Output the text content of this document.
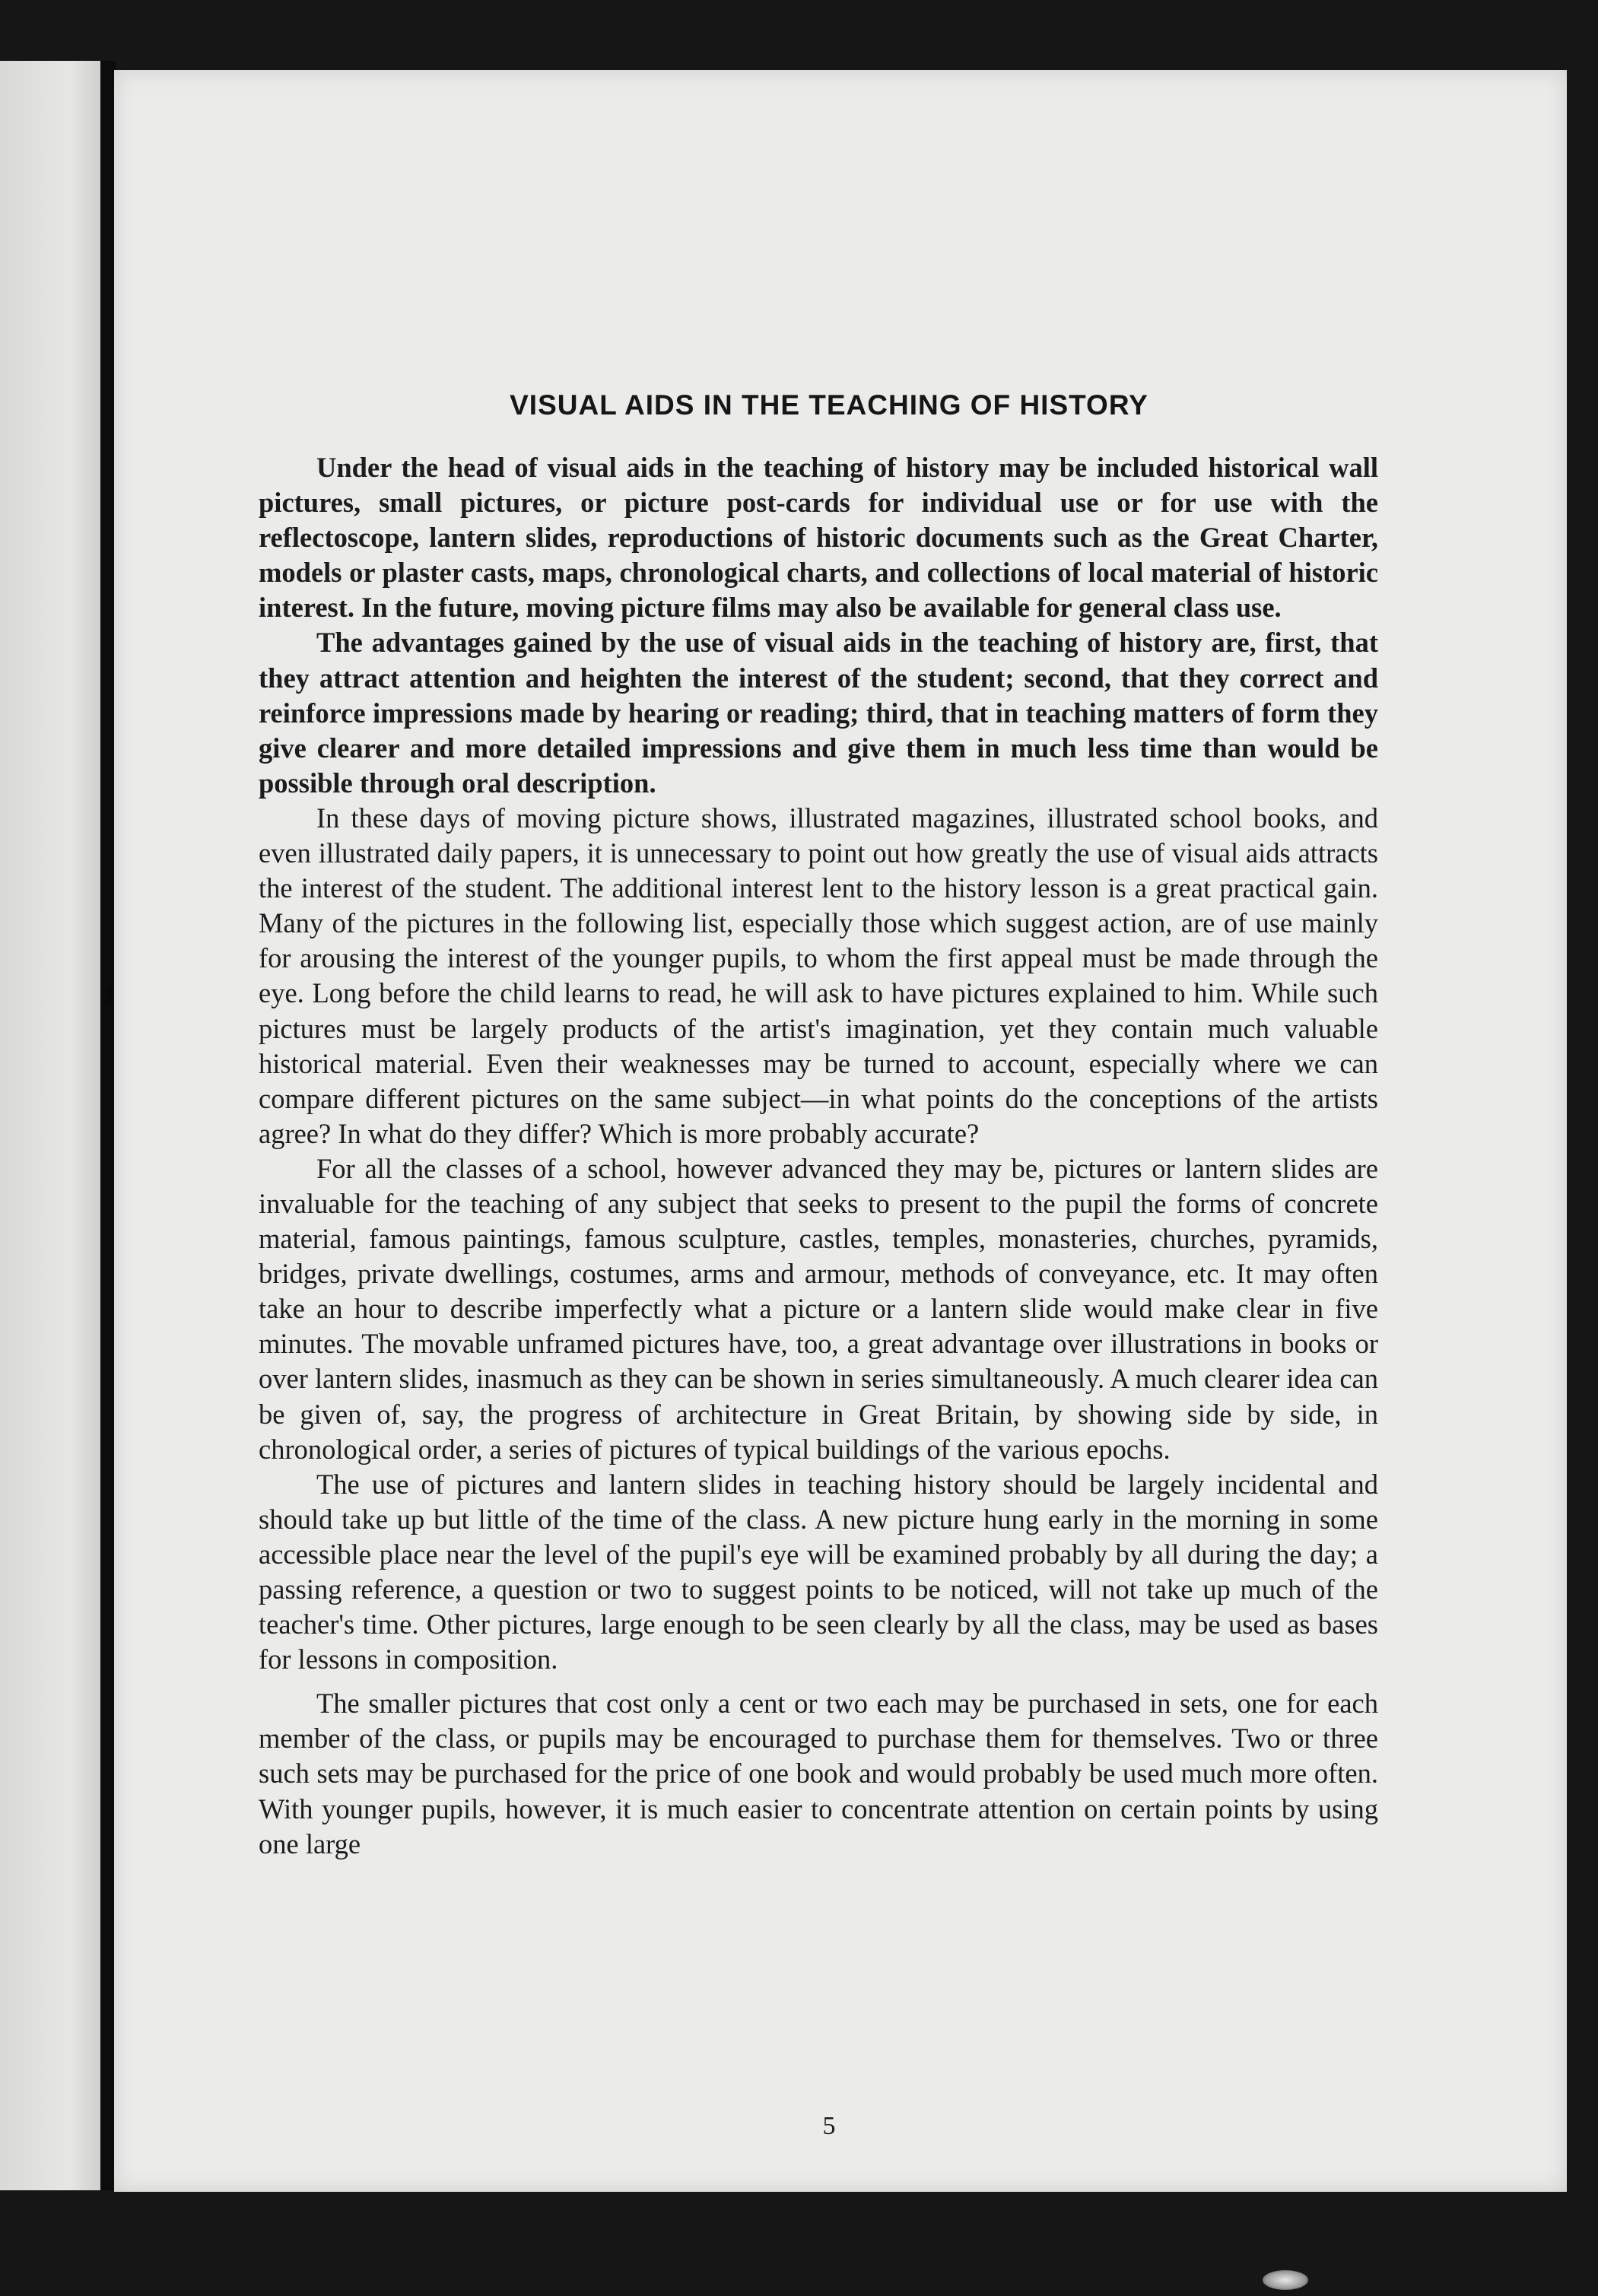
VISUAL AIDS IN THE TEACHING OF HISTORY

Under the head of visual aids in the teaching of history may be included historical wall pictures, small pictures, or picture post-cards for individual use or for use with the reflectoscope, lantern slides, reproductions of historic documents such as the Great Charter, models or plaster casts, maps, chronological charts, and collections of local material of historic interest. In the future, moving picture films may also be available for general class use.

The advantages gained by the use of visual aids in the teaching of history are, first, that they attract attention and heighten the interest of the student; second, that they correct and reinforce impressions made by hearing or reading; third, that in teaching matters of form they give clearer and more detailed impressions and give them in much less time than would be possible through oral description.

In these days of moving picture shows, illustrated magazines, illustrated school books, and even illustrated daily papers, it is unnecessary to point out how greatly the use of visual aids attracts the interest of the student. The additional interest lent to the history lesson is a great practical gain. Many of the pictures in the following list, especially those which suggest action, are of use mainly for arousing the interest of the younger pupils, to whom the first appeal must be made through the eye. Long before the child learns to read, he will ask to have pictures explained to him. While such pictures must be largely products of the artist's imagination, yet they contain much valuable historical material. Even their weaknesses may be turned to account, especially where we can compare different pictures on the same subject—in what points do the conceptions of the artists agree? In what do they differ? Which is more probably accurate?

For all the classes of a school, however advanced they may be, pictures or lantern slides are invaluable for the teaching of any subject that seeks to present to the pupil the forms of concrete material, famous paintings, famous sculpture, castles, temples, monasteries, churches, pyramids, bridges, private dwellings, costumes, arms and armour, methods of conveyance, etc. It may often take an hour to describe imperfectly what a picture or a lantern slide would make clear in five minutes. The movable unframed pictures have, too, a great advantage over illustrations in books or over lantern slides, inasmuch as they can be shown in series simultaneously. A much clearer idea can be given of, say, the progress of architecture in Great Britain, by showing side by side, in chronological order, a series of pictures of typical buildings of the various epochs.

The use of pictures and lantern slides in teaching history should be largely incidental and should take up but little of the time of the class. A new picture hung early in the morning in some accessible place near the level of the pupil's eye will be examined probably by all during the day; a passing reference, a question or two to suggest points to be noticed, will not take up much of the teacher's time. Other pictures, large enough to be seen clearly by all the class, may be used as bases for lessons in composition.

The smaller pictures that cost only a cent or two each may be purchased in sets, one for each member of the class, or pupils may be encouraged to purchase them for themselves. Two or three such sets may be purchased for the price of one book and would probably be used much more often. With younger pupils, however, it is much easier to concentrate attention on certain points by using one large

5
